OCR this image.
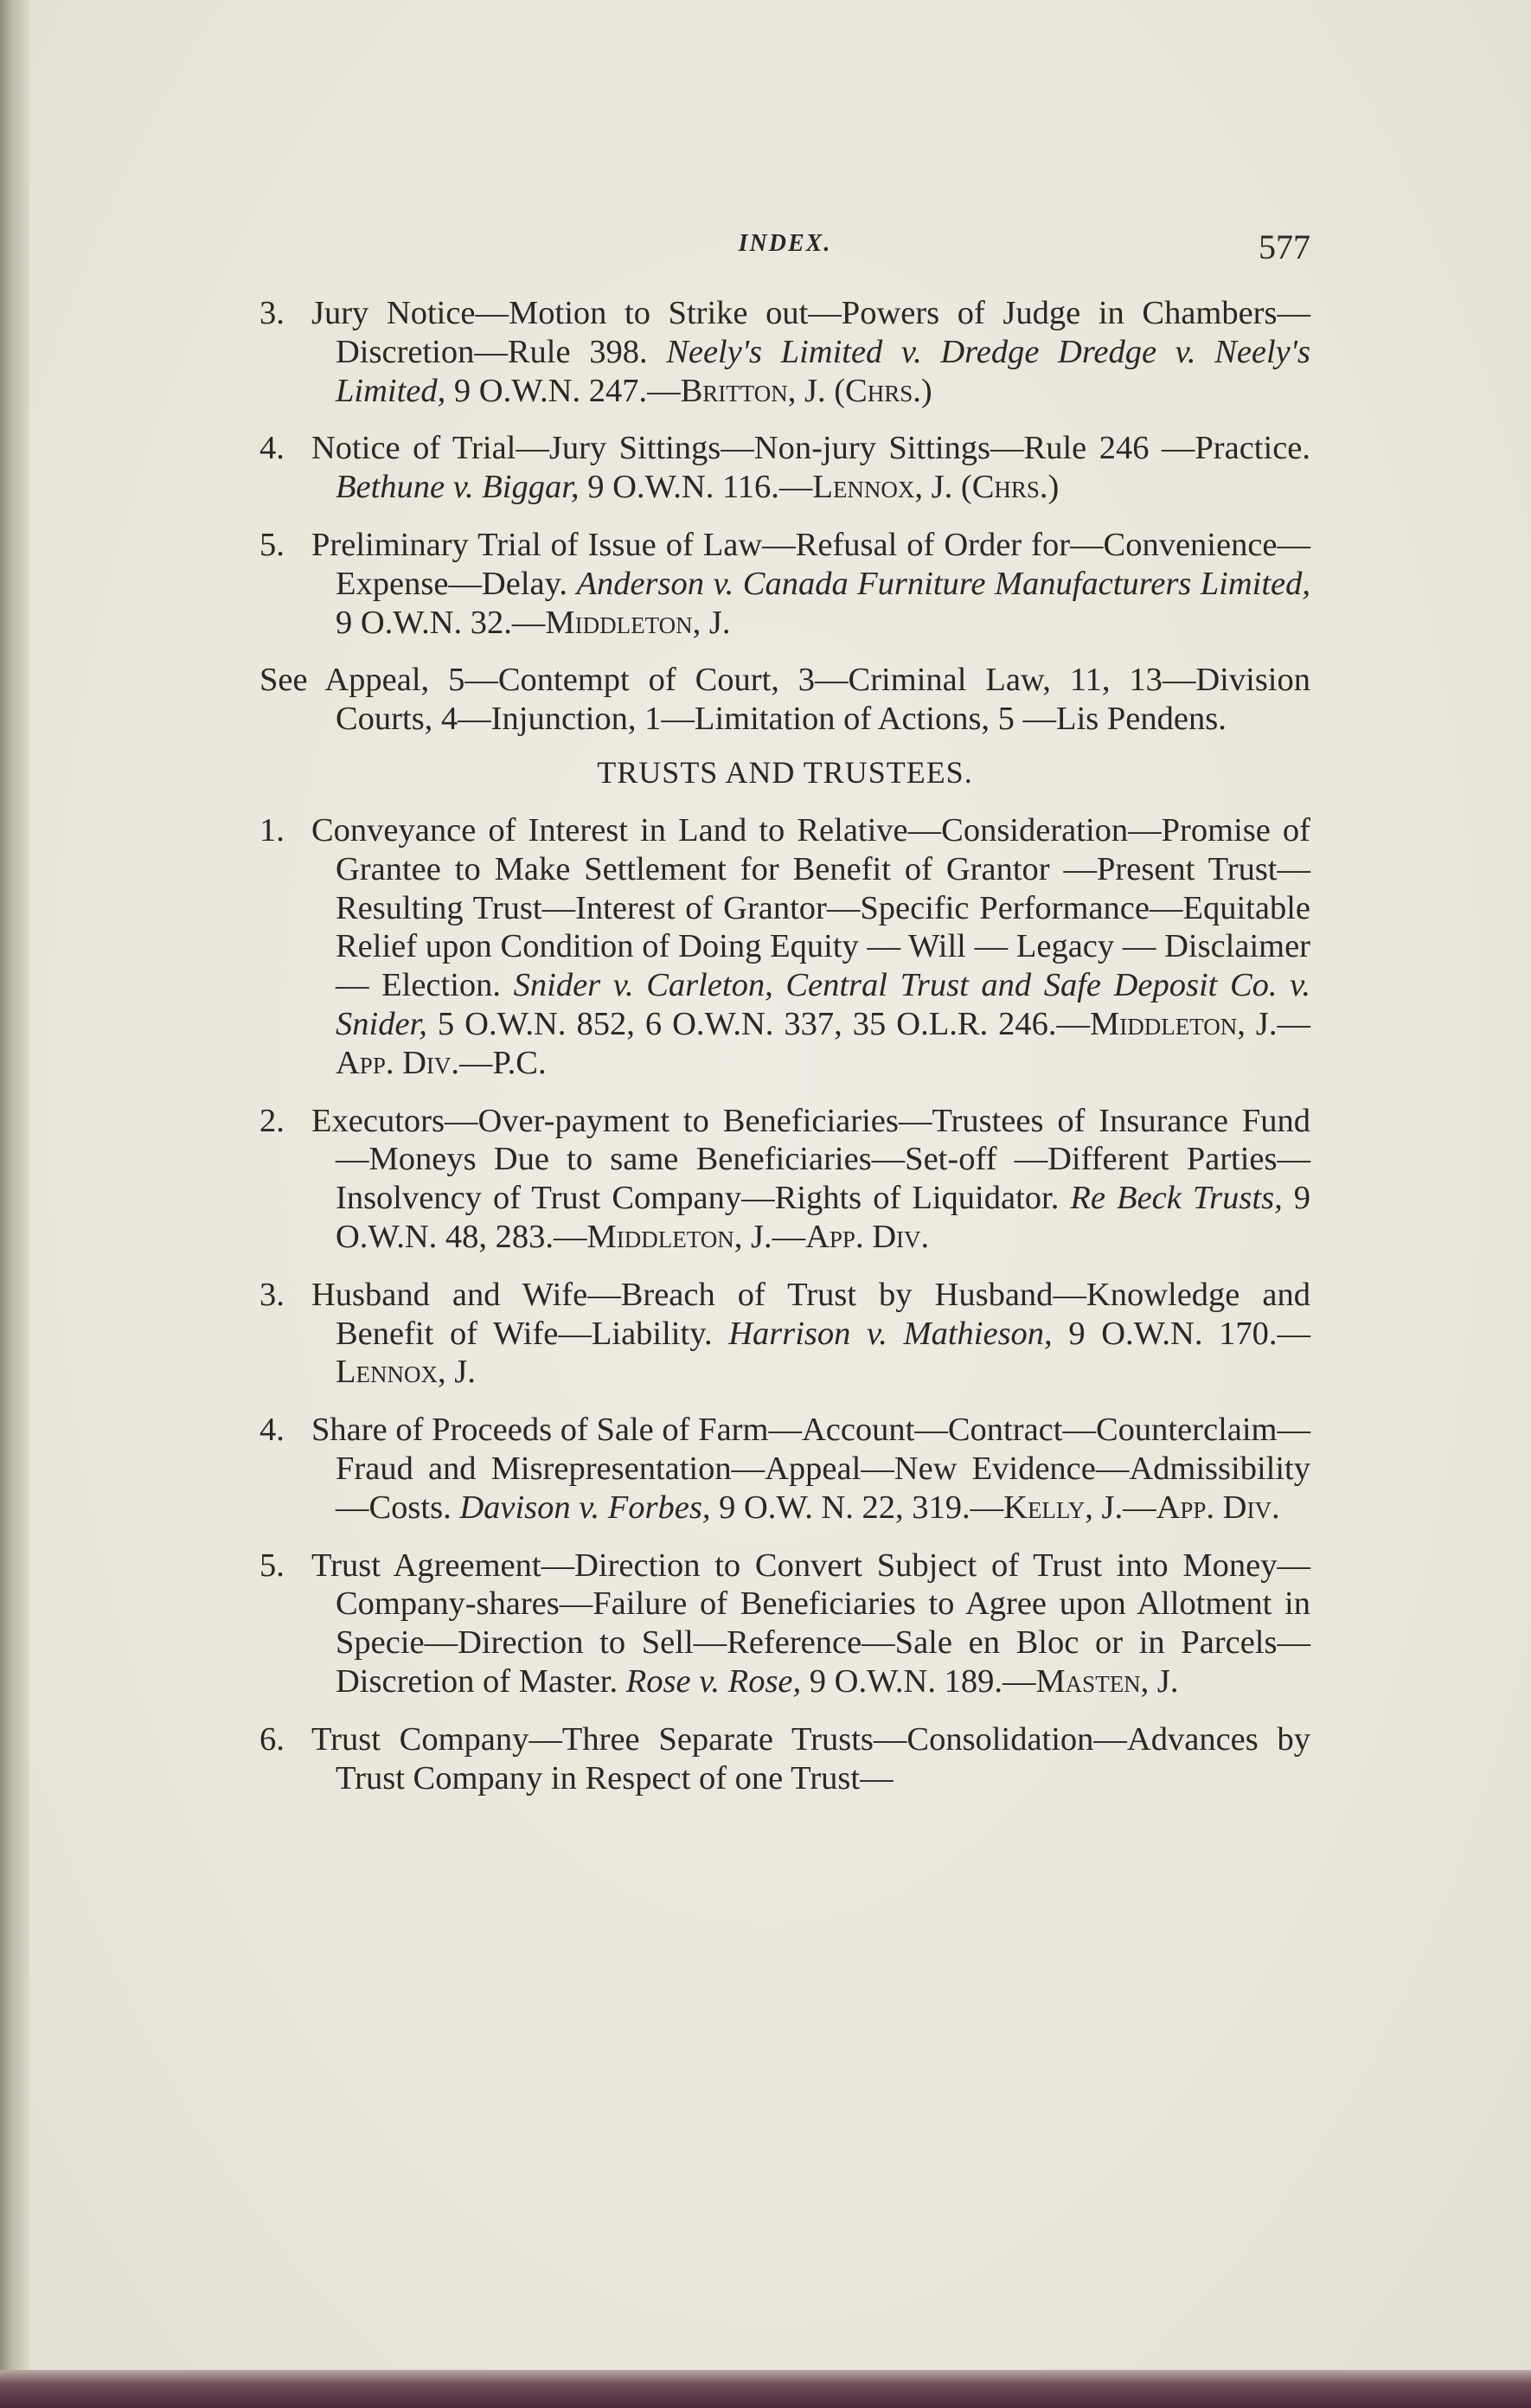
INDEX.	577
3. Jury Notice—Motion to Strike out—Powers of Judge in Chambers—Discretion—Rule 398. Neely's Limited v. Dredge Dredge v. Neely's Limited, 9 O.W.N. 247.—Britton, J. (Chrs.)
4. Notice of Trial—Jury Sittings—Non-jury Sittings—Rule 246 —Practice. Bethune v. Biggar, 9 O.W.N. 116.—Lennox, J. (Chrs.)
5. Preliminary Trial of Issue of Law—Refusal of Order for—Convenience—Expense—Delay. Anderson v. Canada Furniture Manufacturers Limited, 9 O.W.N. 32.—Middleton, J.
See Appeal, 5—Contempt of Court, 3—Criminal Law, 11, 13—Division Courts, 4—Injunction, 1—Limitation of Actions, 5 —Lis Pendens.
TRUSTS AND TRUSTEES.
1. Conveyance of Interest in Land to Relative—Consideration—Promise of Grantee to Make Settlement for Benefit of Grantor —Present Trust—Resulting Trust—Interest of Grantor—Specific Performance—Equitable Relief upon Condition of Doing Equity — Will — Legacy — Disclaimer — Election. Snider v. Carleton, Central Trust and Safe Deposit Co. v. Snider, 5 O.W.N. 852, 6 O.W.N. 337, 35 O.L.R. 246.—Middleton, J.—App. Div.—P.C.
2. Executors—Over-payment to Beneficiaries—Trustees of Insurance Fund—Moneys Due to same Beneficiaries—Set-off —Different Parties—Insolvency of Trust Company—Rights of Liquidator. Re Beck Trusts, 9 O.W.N. 48, 283.—Middleton, J.—App. Div.
3. Husband and Wife—Breach of Trust by Husband—Knowledge and Benefit of Wife—Liability. Harrison v. Mathieson, 9 O.W.N. 170.—Lennox, J.
4. Share of Proceeds of Sale of Farm—Account—Contract—Counterclaim—Fraud and Misrepresentation—Appeal—New Evidence—Admissibility—Costs. Davison v. Forbes, 9 O.W. N. 22, 319.—Kelly, J.—App. Div.
5. Trust Agreement—Direction to Convert Subject of Trust into Money—Company-shares—Failure of Beneficiaries to Agree upon Allotment in Specie—Direction to Sell—Reference—Sale en Bloc or in Parcels—Discretion of Master. Rose v. Rose, 9 O.W.N. 189.—Masten, J.
6. Trust Company—Three Separate Trusts—Consolidation—Advances by Trust Company in Respect of one Trust—
